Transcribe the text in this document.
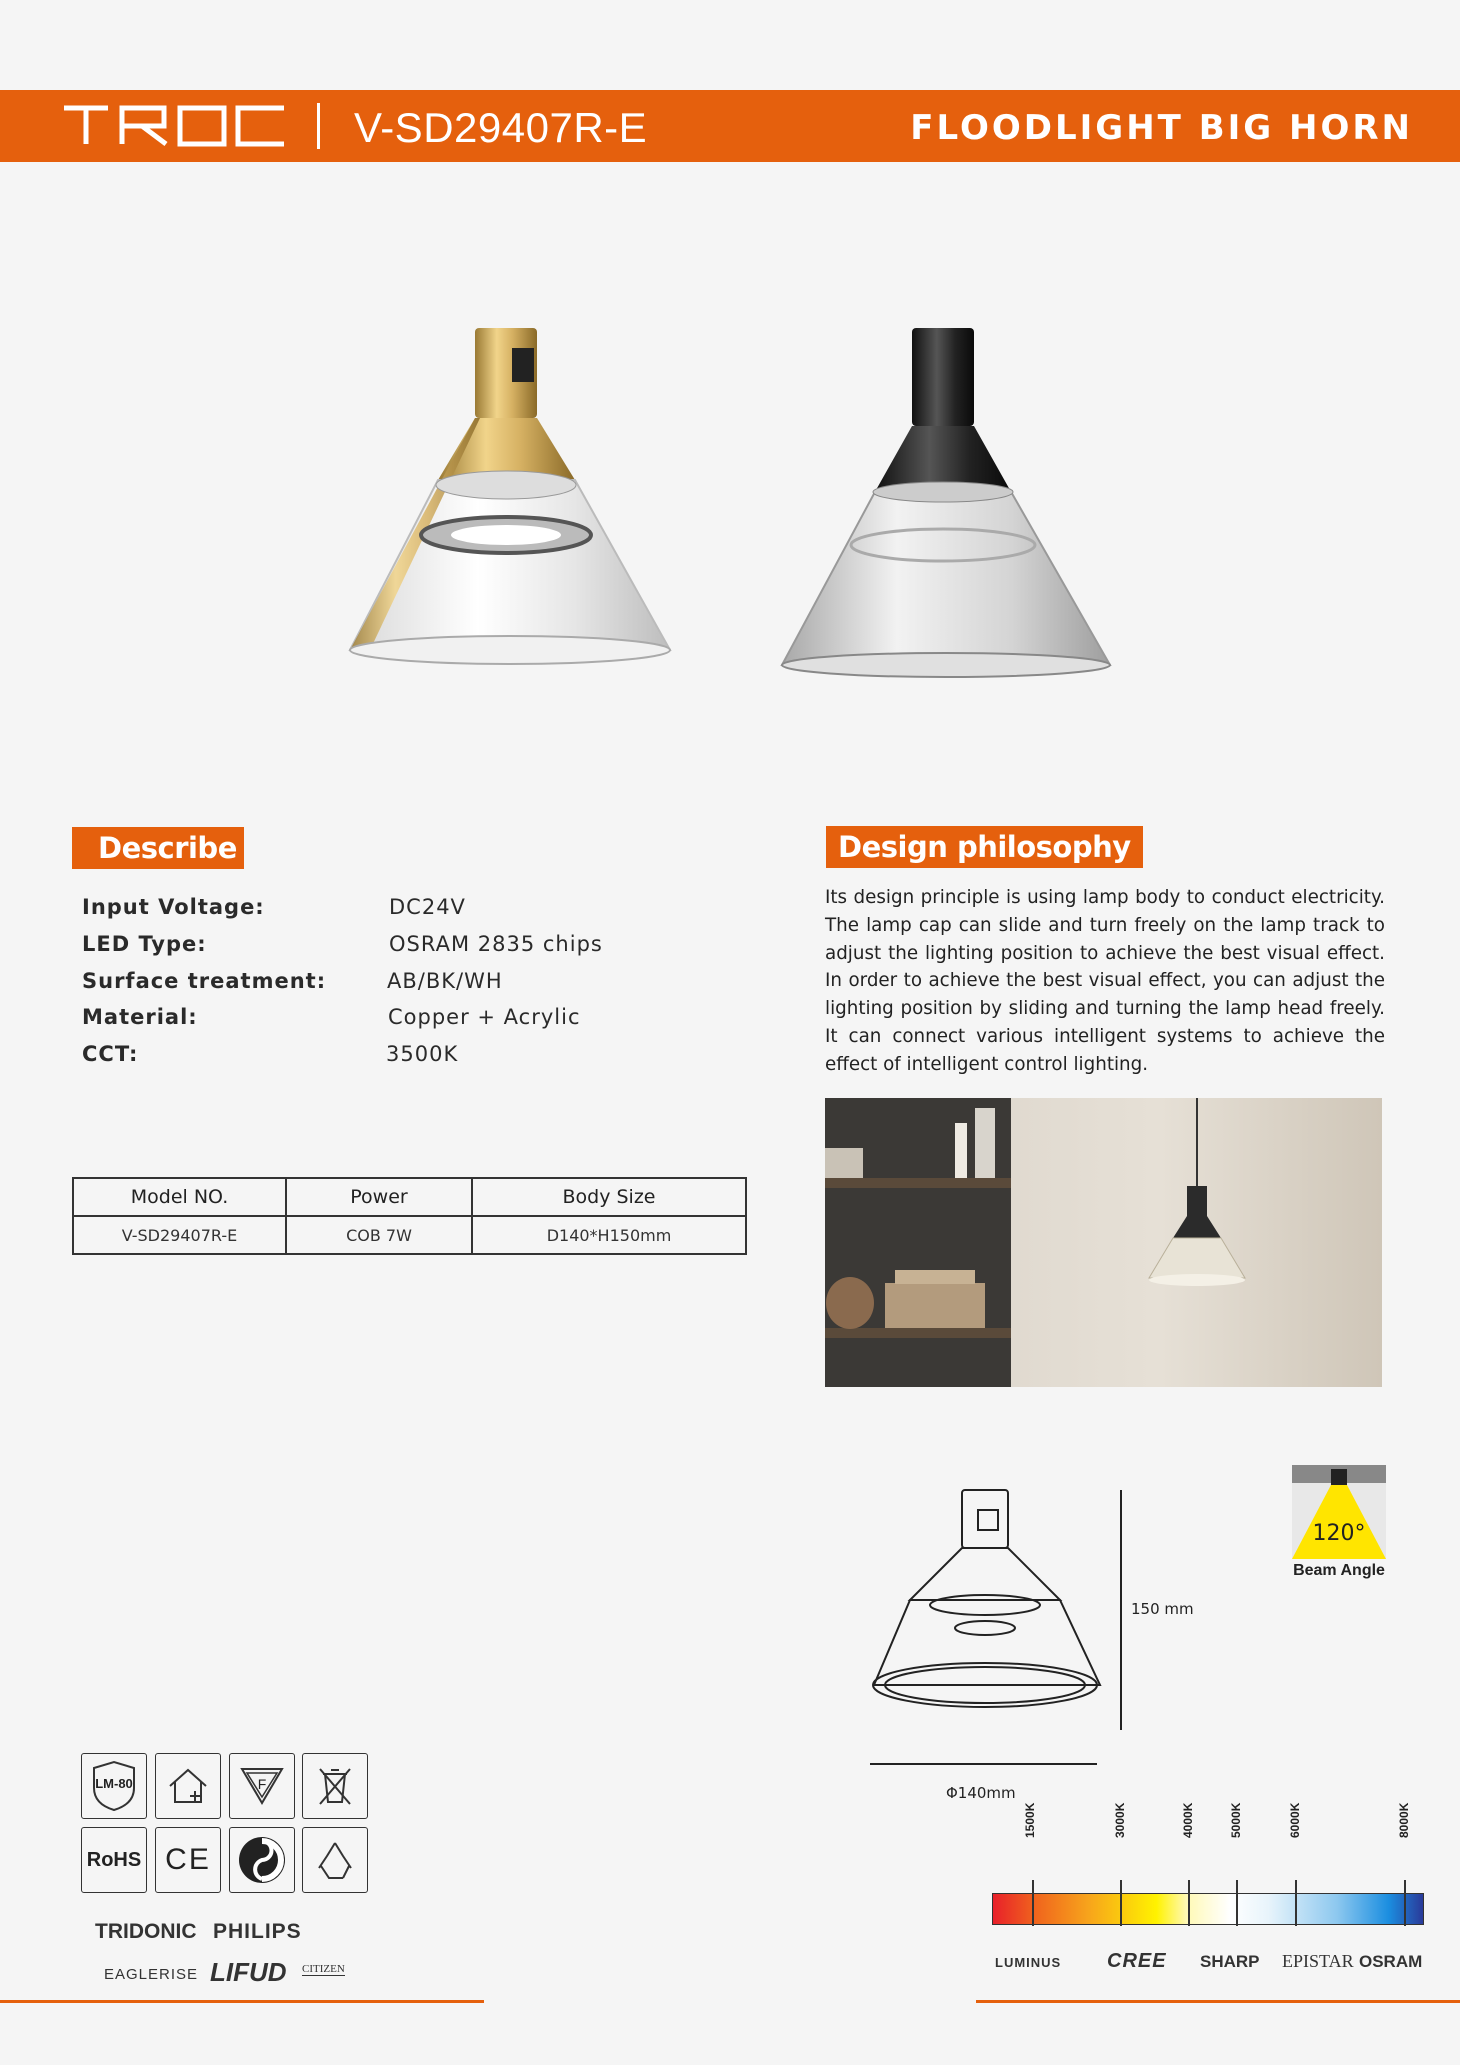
V-SD29407R-E	FLOODLIGHT BIG HORN
Describe
Input Voltage:	DC24V
LED Type:	OSRAM 2835 chips
Surface treatment:	AB/BK/WH
Material:	Copper + Acrylic
CCT:	3500K
Model NO.	Power	Body Size
V-SD29407R-E	COB 7W	D140*H150mm
Design philosophy
Its design principle is using lamp body to conduct electricity. The lamp cap can slide and turn freely on the lamp track to adjust the lighting position to achieve the best visual effect. In order to achieve the best visual effect, you can adjust the lighting position by sliding and turning the lamp head freely. It can connect various intelligent systems to achieve the effect of intelligent control lighting.
150 mm
Φ140mm
120°
Beam Angle
1500K	3000K	4000K	5000K	6000K	8000K
LUMINUS CREE SHARP EPISTAR OSRAM
LM-80	F
RoHS CE
TRIDONIC PHILIPS
EAGLERISE LIFUD CITIZEN
